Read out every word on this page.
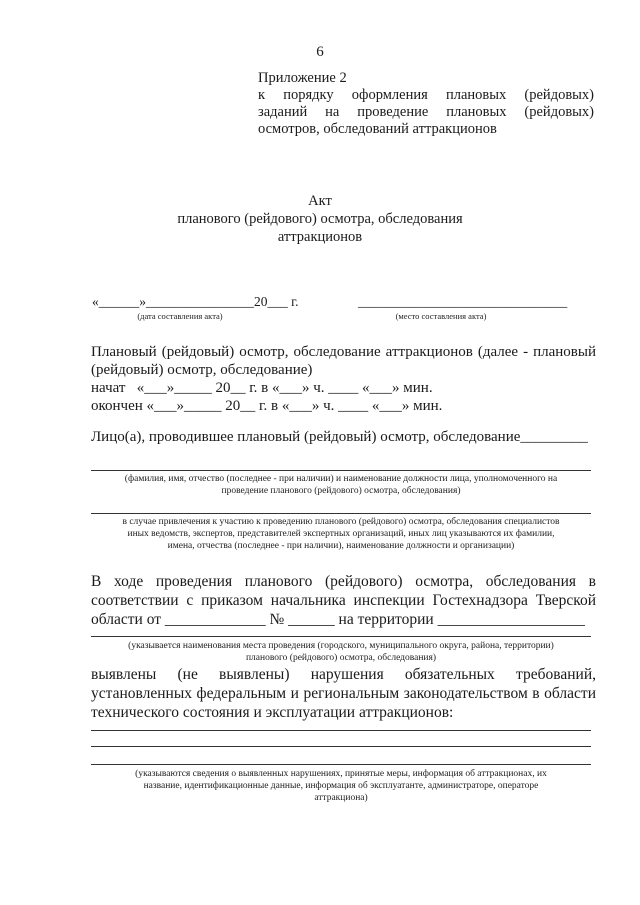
6
Приложение 2
к порядку оформления плановых (рейдовых)
заданий на проведение плановых (рейдовых)
осмотров, обследований аттракционов
Акт
планового (рейдового) осмотра, обследования
аттракционов
«______»________________20___ г.	_______________________________
(дата составления акта)	(место составления акта)
Плановый (рейдовый) осмотр, обследование аттракционов (далее - плановый
(рейдовый) осмотр, обследование)
начат   «___»_____ 20__ г. в «___» ч. ____ «___» мин.
окончен «___»_____ 20__ г. в «___» ч. ____ «___» мин.
Лицо(а), проводившее плановый (рейдовый) осмотр, обследование_________
(фамилия, имя, отчество (последнее - при наличии) и наименование должности лица, уполномоченного на
проведение планового (рейдового) осмотра, обследования)
в случае привлечения к участию к проведению планового (рейдового) осмотра, обследования специалистов
иных ведомств, экспертов, представителей экспертных организаций, иных лиц указываются их фамилии,
имена, отчества (последнее - при наличии), наименование должности и организации)
В ходе проведения планового (рейдового) осмотра, обследования в
соответствии с приказом начальника инспекции Гостехнадзора Тверской
области от _____________ № ______ на территории ___________________
(указывается наименования места проведения (городского, муниципального округа, района, территории)
планового (рейдового) осмотра, обследования)
выявлены (не выявлены) нарушения обязательных требований,
установленных федеральным и региональным законодательством в области
технического состояния и эксплуатации аттракционов:
(указываются сведения о выявленных нарушениях, принятые меры, информация об аттракционах, их
название, идентификационные данные, информация об эксплуатанте, администраторе, операторе
аттракциона)
